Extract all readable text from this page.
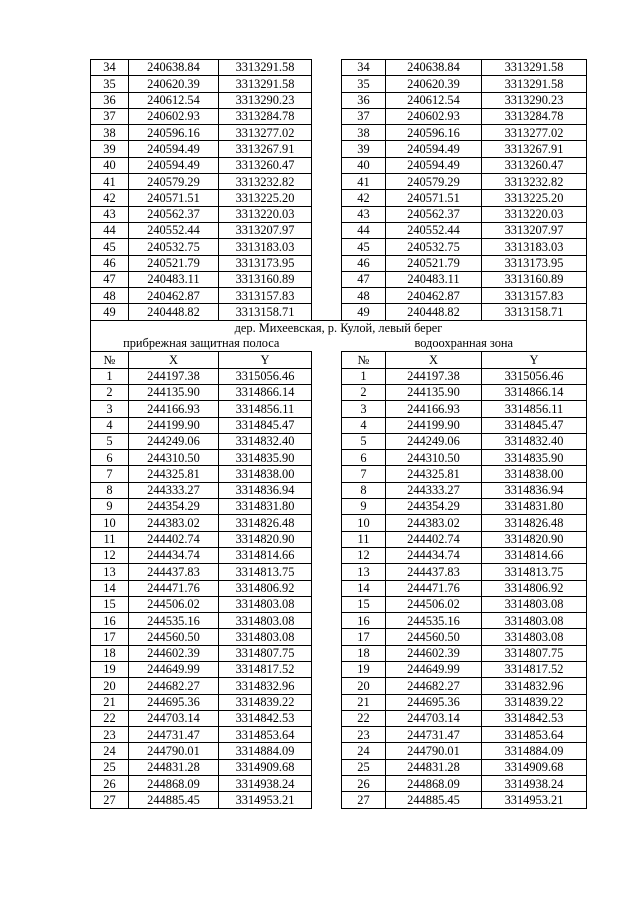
34	240638.84	3313291.58		34	240638.84	3313291.58
35	240620.39	3313291.58		35	240620.39	3313291.58
36	240612.54	3313290.23		36	240612.54	3313290.23
37	240602.93	3313284.78		37	240602.93	3313284.78
38	240596.16	3313277.02		38	240596.16	3313277.02
39	240594.49	3313267.91		39	240594.49	3313267.91
40	240594.49	3313260.47		40	240594.49	3313260.47
41	240579.29	3313232.82		41	240579.29	3313232.82
42	240571.51	3313225.20		42	240571.51	3313225.20
43	240562.37	3313220.03		43	240562.37	3313220.03
44	240552.44	3313207.97		44	240552.44	3313207.97
45	240532.75	3313183.03		45	240532.75	3313183.03
46	240521.79	3313173.95		46	240521.79	3313173.95
47	240483.11	3313160.89		47	240483.11	3313160.89
48	240462.87	3313157.83		48	240462.87	3313157.83
49	240448.82	3313158.71		49	240448.82	3313158.71
дер. Михеевская, р. Кулой, левый берег						
прибрежная защитная полоса				водоохранная зона		
№	X	Y		№	X	Y
1	244197.38	3315056.46		1	244197.38	3315056.46
2	244135.90	3314866.14		2	244135.90	3314866.14
3	244166.93	3314856.11		3	244166.93	3314856.11
4	244199.90	3314845.47		4	244199.90	3314845.47
5	244249.06	3314832.40		5	244249.06	3314832.40
6	244310.50	3314835.90		6	244310.50	3314835.90
7	244325.81	3314838.00		7	244325.81	3314838.00
8	244333.27	3314836.94		8	244333.27	3314836.94
9	244354.29	3314831.80		9	244354.29	3314831.80
10	244383.02	3314826.48		10	244383.02	3314826.48
11	244402.74	3314820.90		11	244402.74	3314820.90
12	244434.74	3314814.66		12	244434.74	3314814.66
13	244437.83	3314813.75		13	244437.83	3314813.75
14	244471.76	3314806.92		14	244471.76	3314806.92
15	244506.02	3314803.08		15	244506.02	3314803.08
16	244535.16	3314803.08		16	244535.16	3314803.08
17	244560.50	3314803.08		17	244560.50	3314803.08
18	244602.39	3314807.75		18	244602.39	3314807.75
19	244649.99	3314817.52		19	244649.99	3314817.52
20	244682.27	3314832.96		20	244682.27	3314832.96
21	244695.36	3314839.22		21	244695.36	3314839.22
22	244703.14	3314842.53		22	244703.14	3314842.53
23	244731.47	3314853.64		23	244731.47	3314853.64
24	244790.01	3314884.09		24	244790.01	3314884.09
25	244831.28	3314909.68		25	244831.28	3314909.68
26	244868.09	3314938.24		26	244868.09	3314938.24
27	244885.45	3314953.21		27	244885.45	3314953.21
